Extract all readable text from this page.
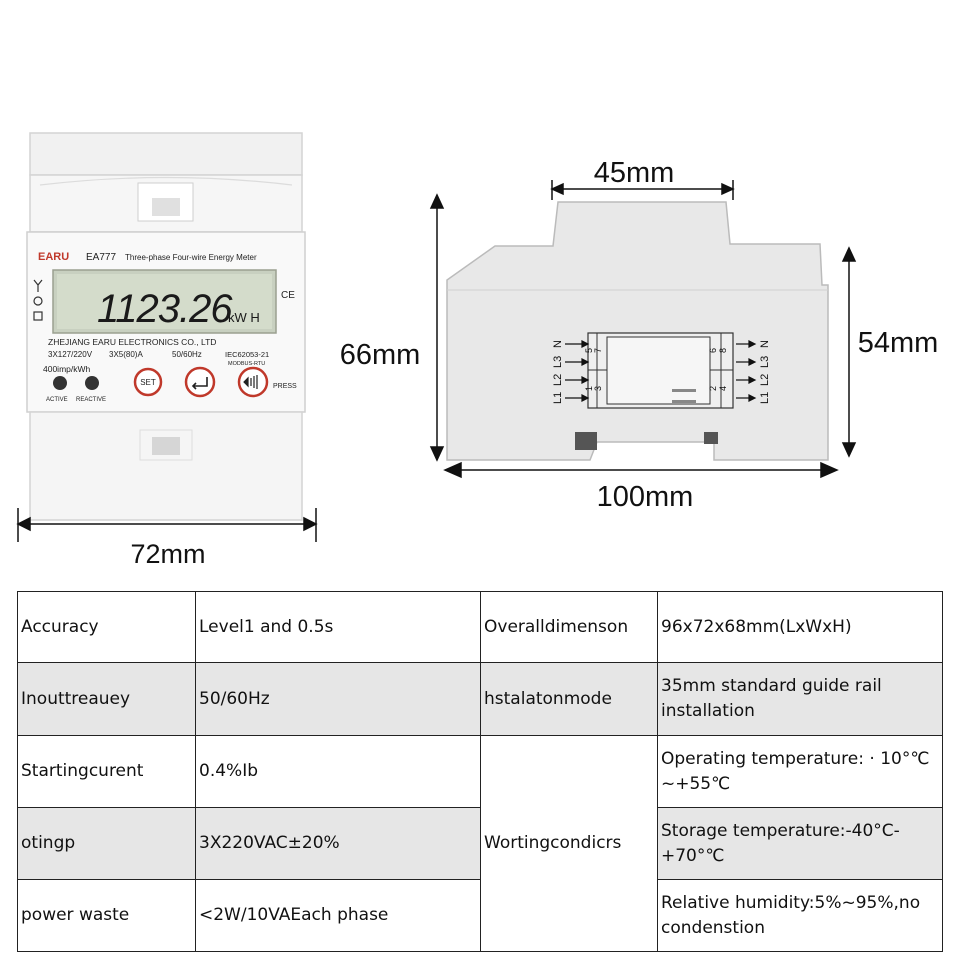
EARU EA777 Three-phase Four-wire Energy Meter
1123.26
kW H
CE
ZHEJIANG EARU ELECTRONICS CO., LTD
3X127/220V 3X5(80)A	50/60Hz	IEC62053-21
MODBUS-RTU
400imp/kWh
ACTIVE REACTIVE
SET	PRESS
72mm
45mm
7
5
3
1
8
6
4
2
N
L3
L2
L1
N
L3
L2
L1
66mm	54mm
100mm
Accuracy	Level1 and 0.5s	Overalldimenson	96x72x68mm(LxWxH)
Inouttreauey	50/60Hz	hstalatonmode	35mm standard guide rail installation
Startingcurent	0.4%Ib	Wortingcondicrs	Operating temperature: · 10°℃ ~+55℃
otingp	3X220VAC±20%		Storage temperature:-40°C- +70°℃
power waste	<2W/10VAEach phase		Relative humidity:5%~95%,no condenstion
